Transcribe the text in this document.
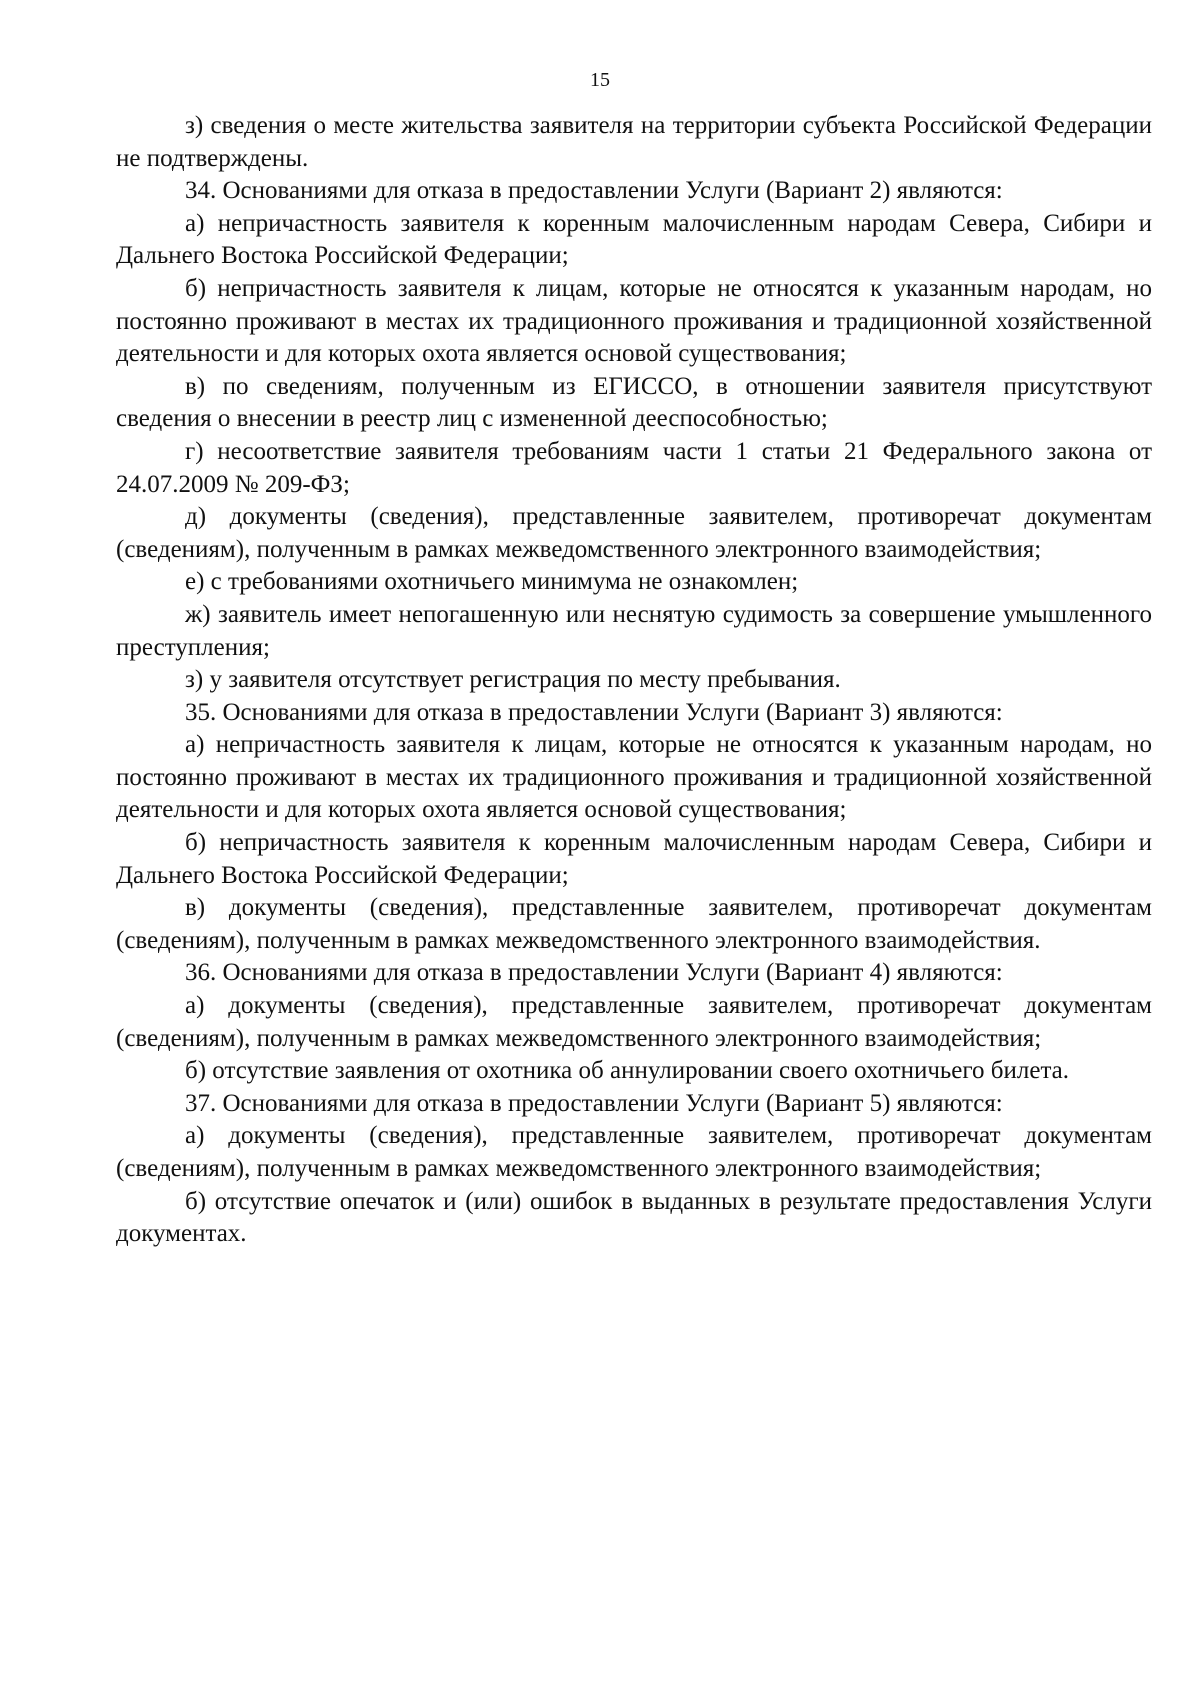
15

з) сведения о месте жительства заявителя на территории субъекта Российской Федерации не подтверждены.

34. Основаниями для отказа в предоставлении Услуги (Вариант 2) являются:

а) непричастность заявителя к коренным малочисленным народам Севера, Сибири и Дальнего Востока Российской Федерации;

б) непричастность заявителя к лицам, которые не относятся к указанным народам, но постоянно проживают в местах их традиционного проживания и традиционной хозяйственной деятельности и для которых охота является основой существования;

в) по сведениям, полученным из ЕГИССО, в отношении заявителя присутствуют сведения о внесении в реестр лиц с измененной дееспособностью;

г) несоответствие заявителя требованиям части 1 статьи 21 Федерального закона от 24.07.2009 № 209-ФЗ;

д) документы (сведения), представленные заявителем, противоречат документам (сведениям), полученным в рамках межведомственного электронного взаимодействия;

е) с требованиями охотничьего минимума не ознакомлен;

ж) заявитель имеет непогашенную или неснятую судимость за совершение умышленного преступления;

з) у заявителя отсутствует регистрация по месту пребывания.

35. Основаниями для отказа в предоставлении Услуги (Вариант 3) являются:

а) непричастность заявителя к лицам, которые не относятся к указанным народам, но постоянно проживают в местах их традиционного проживания и традиционной хозяйственной деятельности и для которых охота является основой существования;

б) непричастность заявителя к коренным малочисленным народам Севера, Сибири и Дальнего Востока Российской Федерации;

в) документы (сведения), представленные заявителем, противоречат документам (сведениям), полученным в рамках межведомственного электронного взаимодействия.

36. Основаниями для отказа в предоставлении Услуги (Вариант 4) являются:

а) документы (сведения), представленные заявителем, противоречат документам (сведениям), полученным в рамках межведомственного электронного взаимодействия;

б) отсутствие заявления от охотника об аннулировании своего охотничьего билета.

37. Основаниями для отказа в предоставлении Услуги (Вариант 5) являются:

а) документы (сведения), представленные заявителем, противоречат документам (сведениям), полученным в рамках межведомственного электронного взаимодействия;

б) отсутствие опечаток и (или) ошибок в выданных в результате предоставления Услуги документах.
